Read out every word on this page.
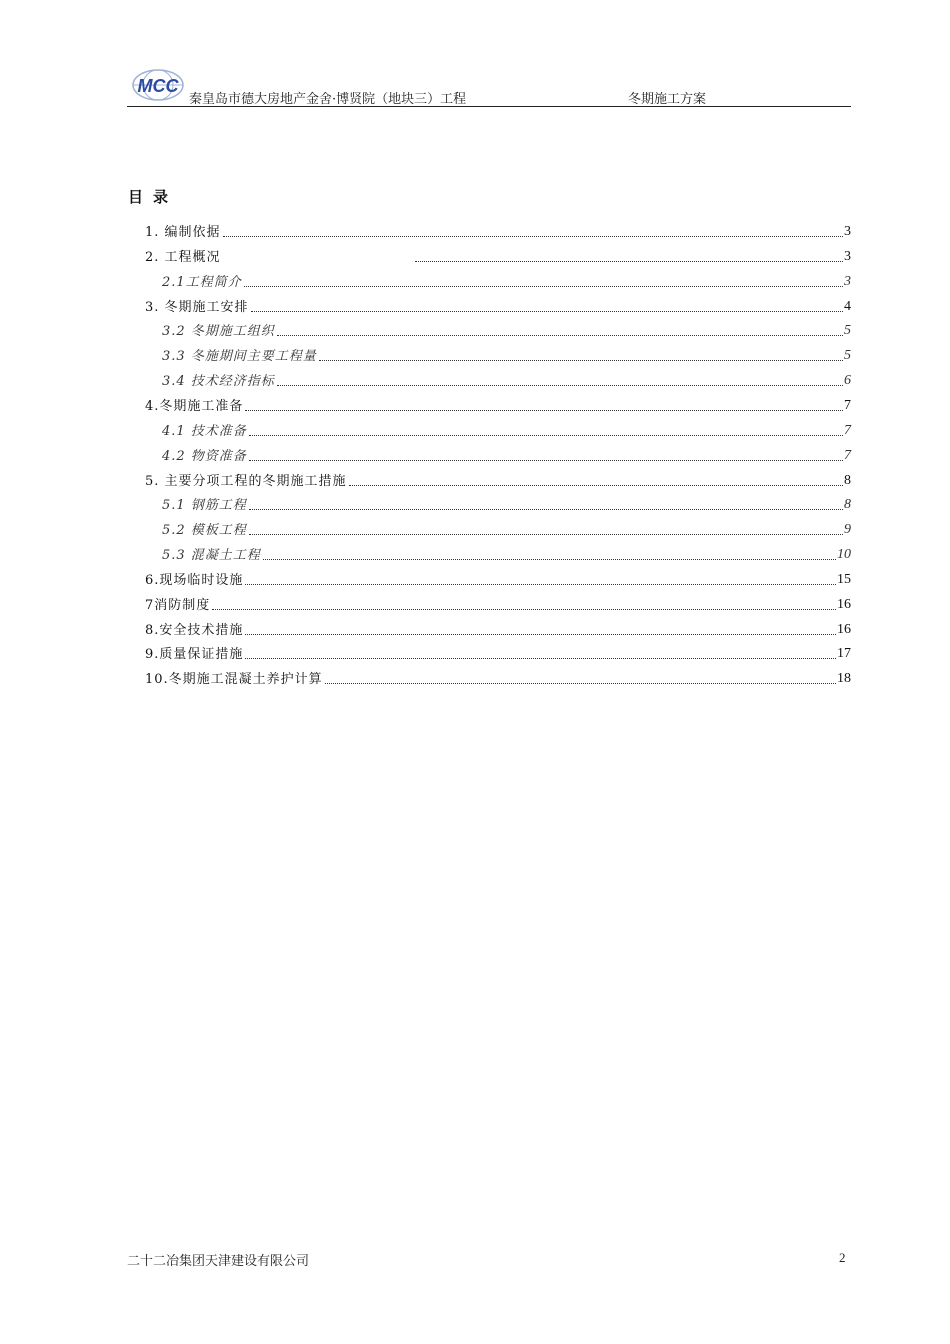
MCC
秦皇岛市德大房地产金舍·博贤院（地块三）工程	冬期施工方案
目录
1. 编制依据	3
2. 工程概况	3
2.1工程简介	3
3. 冬期施工安排	4
3.2 冬期施工组织	5
3.3 冬施期间主要工程量	5
3.4 技术经济指标	6
4.冬期施工准备	7
4.1 技术准备	7
4.2 物资准备	7
5. 主要分项工程的冬期施工措施	8
5.1 钢筋工程	8
5.2 模板工程	9
5.3 混凝土工程	10
6.现场临时设施	15
7消防制度	16
8.安全技术措施	16
9.质量保证措施	17
10.冬期施工混凝土养护计算	18
二十二冶集团天津建设有限公司	2
